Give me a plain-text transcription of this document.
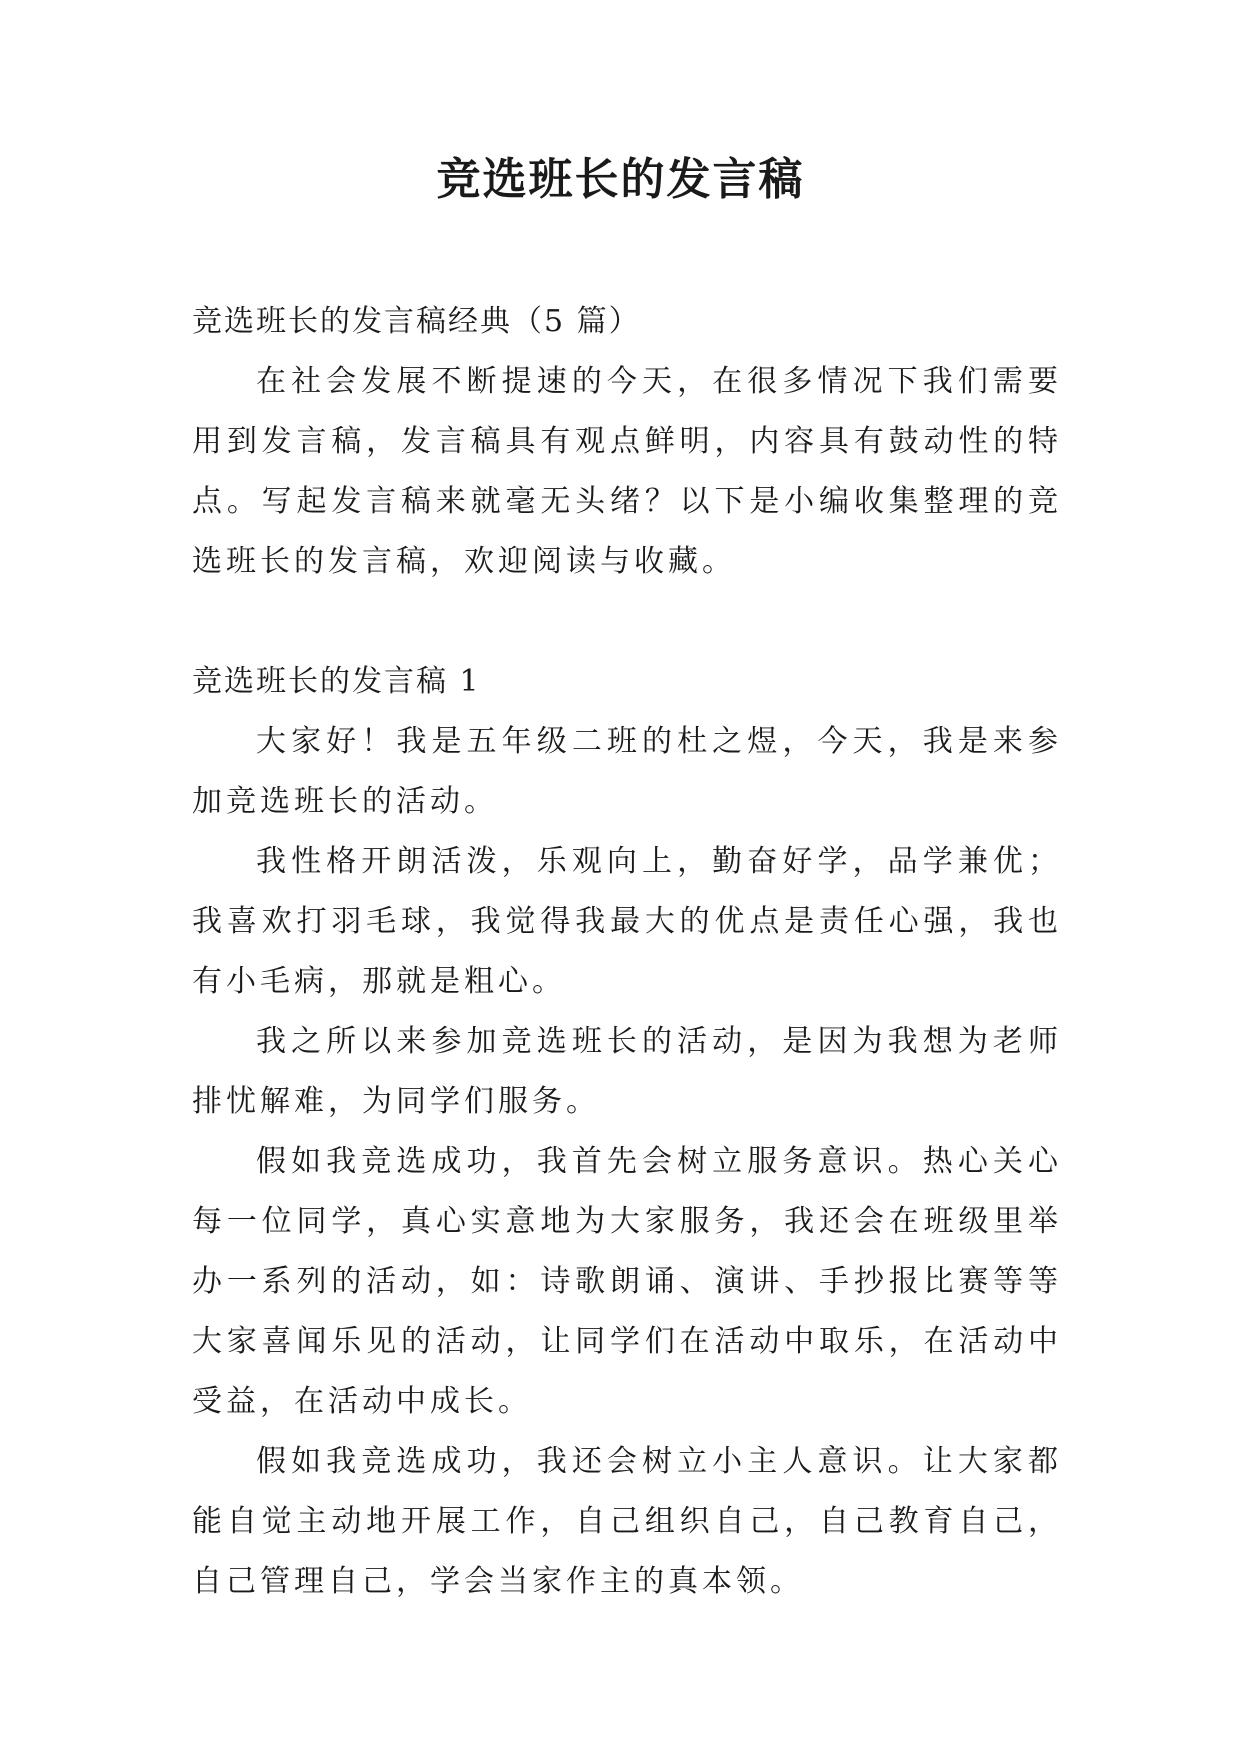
竞选班长的发言稿

竞选班长的发言稿经典（5 篇）

在社会发展不断提速的今天，在很多情况下我们需要用到发言稿，发言稿具有观点鲜明，内容具有鼓动性的特点。写起发言稿来就毫无头绪？以下是小编收集整理的竞选班长的发言稿，欢迎阅读与收藏。

竞选班长的发言稿 1

大家好！我是五年级二班的杜之煜，今天，我是来参加竞选班长的活动。

我性格开朗活泼，乐观向上，勤奋好学，品学兼优；我喜欢打羽毛球，我觉得我最大的优点是责任心强，我也有小毛病，那就是粗心。

我之所以来参加竞选班长的活动，是因为我想为老师排忧解难，为同学们服务。

假如我竞选成功，我首先会树立服务意识。热心关心每一位同学，真心实意地为大家服务，我还会在班级里举办一系列的活动，如：诗歌朗诵、演讲、手抄报比赛等等大家喜闻乐见的活动，让同学们在活动中取乐，在活动中受益，在活动中成长。

假如我竞选成功，我还会树立小主人意识。让大家都能自觉主动地开展工作，自己组织自己，自己教育自己，自己管理自己，学会当家作主的真本领。
